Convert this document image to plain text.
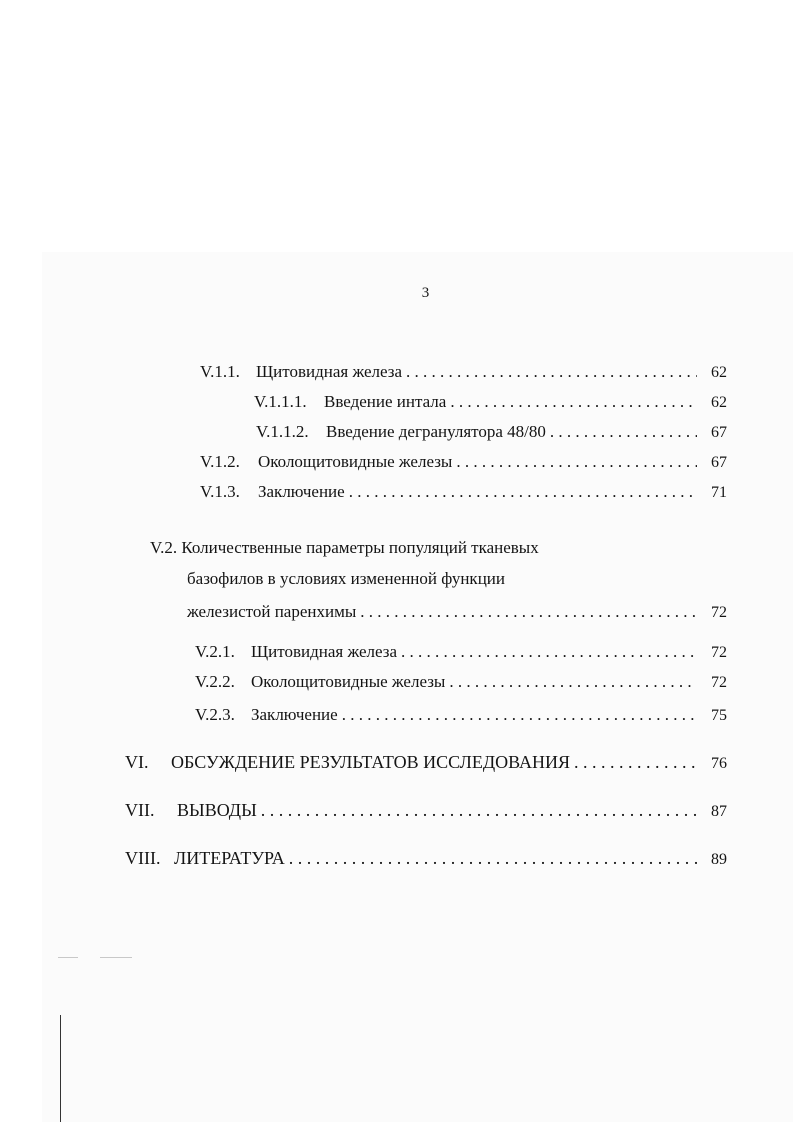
3
V.1.1. Щитовидная железа . . .	62
V.1.1.1.	Введение интала . . .	62
V.1.1.2.	Введение дегранулятора 48/80 . . .	67
V.1.2.	Околощитовидные железы . . .	67
V.1.3.	Заключение . . .	71
V.2. Количественные параметры популяций тканевых
базофилов в условиях измененной функции
железистой паренхимы . . .	72
V.2.1. Щитовидная железа . . .	72
V.2.2. Околощитовидные железы . . .	72
V.2.3. Заключение . . .	75
VI.	ОБСУЖДЕНИЕ РЕЗУЛЬТАТОВ ИССЛЕДОВАНИЯ . . .	76
VII.	ВЫВОДЫ . . .	87
VIII. ЛИТЕРАТУРА . . .	89
